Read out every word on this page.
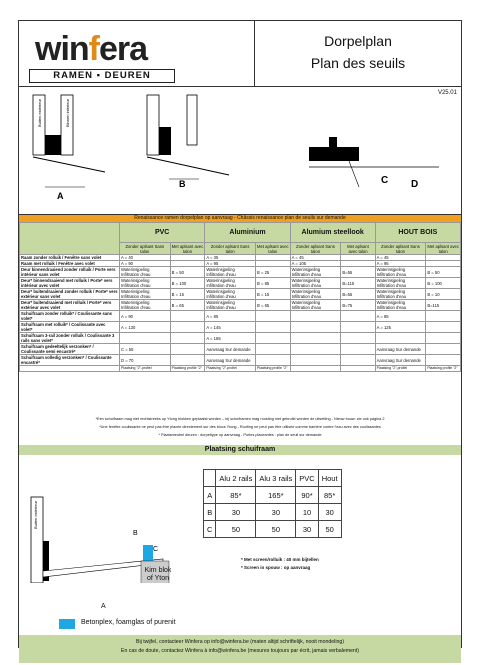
winfera
RAMEN ▪ DEUREN
Dorpelplan
Plan des seuils
V25.01
A
Buiten extérieur	Binnen intérieur
B	C D
Renaissance ramen dorpelplan op aanvraag - Châssis renaissance plan de seuils sur demande
	PVC		Aluminium		Alumium steellook		HOUT BOIS	
	Zonder aplsant Sans talon	Met aplsant avec talon	Zonder aplsant Sans talon	Met aplsant avec talon	Zonder aplsant Sans talon	Met aplsant avec talon	Zonder aplsant Sans talon	Met aplsant avec talon
Raam zonder rolluik / Fenêtre sans volet	A = 40		A = 35		A = 45		A = 45	
Raam met rolluik / Fenêtre avec volet	A = 90		A = 95		A = 105		A = 95	
Deur binnendraaiend zonder rolluik / Porte vers intérieur sans volet	Waterinsjpeling Infiltration d'eau	B = 50	Waterinsjpeling Infiltration d'eau	B = 25	Waterinsjpeling Infiltration d'eau	B=55	Waterinsjpeling Infiltration d'eau	B = 50
Deur* binnendraaiend met rolluik / Porte* vers intérieur avec volet	Waterinsjpeling Infiltration d'eau	B = 100	Waterinsjpeling Infiltration d'eau	B = 85	Waterinsjpeling Infiltration d'eau	B=115	Waterinsjpeling Infiltration d'eau	B = 100
Deur* buitendraaiend zonder rolluik / Porte* vers extérieur sans volet	Waterinsjpeling Infiltration d'eau	B = 15	Waterinsjpeling Infiltration d'eau	B = 15	Waterinsjpeling Infiltration d'eau	B=55	Waterinsjpeling Infiltration d'eau	B = 10
Deur* buitendraaiend met rolluik / Porte* vers extérieur avec volet	Waterinsjpeling Infiltration d'eau	B = 65	Waterinsjpeling Infiltration d'eau	B = 65	Waterinsjpeling Infiltration d'eau	B=75	Waterinsjpeling Infiltration d'eau	B=115
Schuifraam zonder rolluik* / Coulissante sans volet*	A = 90		A = 85				A = 85	
Schuifraam met rolluik* / Coulissante avec volet*	A = 130		A = 145				A = 125	
Schuifraam 3-rail zonder rolluik / Coulissante 3 rails sans volet*			A = 165					
Schuifraam gedeeltelijk verzonken* / Coulissante semi encastré*	C = 55		Aanvraag Sur demande				Aanvraag Sur demande	
Schuifraam volledig verzonken* / Coulissante encastré*	D = 70		Aanvraag Sur demande				Aanvraag Sur demande	
	Plaatsing "2"-profiel	Plaatsing profile "2"	Plaatsing "2"-profiel	Plaatsing profile "2"			Plaatsing "2"-profiel	Plaatsing profile "2"
Plaatsing schuifraam
B
C
Buiten extérieur
Kim blok of Yton
A
	Alu 2 rails	Alu 3 rails	PVC	Hout
A	85*	165*	90*	85*
B	30	30	10	30
C	50	50	30	50
* Met screen/rolluik : 40 mm bijtellen
* Screen in spouw : op aanvraag
Betonplex, foamglas of purenit
Bij twijfel, contacteer Winfera op info@winfera.be (maten altijd schriftelijk, nooit mondeling)
En cas de doute, contactez Winfera à info@winfera.be (mesures toujours par écrit, jamais verbalement)
*Een schuifraam mag niet rechtstreeks op Ytong blokken geplaatst worden – bij schuiframen mag roosting niet gebruikt worden de uitsetting - Nieuw bouw: zie ook pagina 2
*Une fenêtre coulissante ne peut pas être placée directement sur des blocs Ytong - Roofing ne peut pas être utilisée comme barrière contre l'eau avec des coulissantes
* Plaatsmeubel deuren : dorpeltype op aanvraag - Portes placeantes : plan de seuil sur demande
